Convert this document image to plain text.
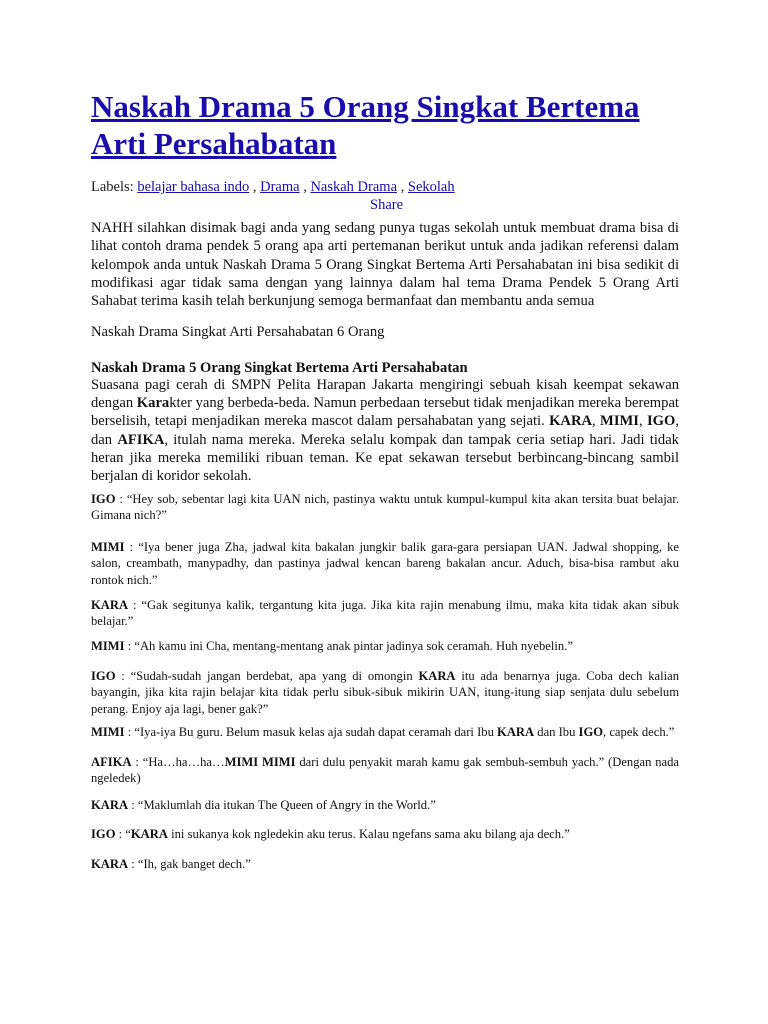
Naskah Drama 5 Orang Singkat Bertema Arti Persahabatan
Labels: belajar bahasa indo , Drama , Naskah Drama , Sekolah
Share

NAHH silahkan disimak bagi anda yang sedang punya tugas sekolah untuk membuat drama bisa di lihat contoh drama pendek 5 orang apa arti pertemanan berikut untuk anda jadikan referensi dalam kelompok anda untuk Naskah Drama 5 Orang Singkat Bertema Arti Persahabatan ini bisa sedikit di modifikasi agar tidak sama dengan yang lainnya dalam hal tema Drama Pendek 5 Orang Arti Sahabat terima kasih telah berkunjung semoga bermanfaat dan membantu anda semua

Naskah Drama Singkat Arti Persahabatan 6 Orang
Naskah Drama 5 Orang Singkat Bertema Arti Persahabatan

Suasana pagi cerah di SMPN Pelita Harapan Jakarta mengiringi sebuah kisah keempat sekawan dengan Karakter yang berbeda-beda. Namun perbedaan tersebut tidak menjadikan mereka berempat berselisih, tetapi menjadikan mereka mascot dalam persahabatan yang sejati. KARA, MIMI, IGO, dan AFIKA, itulah nama mereka. Mereka selalu kompak dan tampak ceria setiap hari. Jadi tidak heran jika mereka memiliki ribuan teman. Ke epat sekawan tersebut berbincang-bincang sambil berjalan di koridor sekolah.

IGO : “Hey sob, sebentar lagi kita UAN nich, pastinya waktu untuk kumpul-kumpul kita akan tersita buat belajar. Gimana nich?”

MIMI : “Iya bener juga Zha, jadwal kita bakalan jungkir balik gara-gara persiapan UAN. Jadwal shopping, ke salon, creambath, manypadhy, dan pastinya jadwal kencan bareng bakalan ancur. Aduch, bisa-bisa rambut aku rontok nich.”

KARA : “Gak segitunya kalik, tergantung kita juga. Jika kita rajin menabung ilmu, maka kita tidak akan sibuk belajar.”

MIMI : “Ah kamu ini Cha, mentang-mentang anak pintar jadinya sok ceramah. Huh nyebelin.”

IGO : “Sudah-sudah jangan berdebat, apa yang di omongin KARA itu ada benarnya juga. Coba dech kalian bayangin, jika kita rajin belajar kita tidak perlu sibuk-sibuk mikirin UAN, itung-itung siap senjata dulu sebelum perang. Enjoy aja lagi, bener gak?”

MIMI : “Iya-iya Bu guru. Belum masuk kelas aja sudah dapat ceramah dari Ibu KARA dan Ibu IGO, capek dech.”

AFIKA : “Ha…ha…ha…MIMI MIMI dari dulu penyakit marah kamu gak sembuh-sembuh yach.” (Dengan nada ngeledek)

KARA : “Maklumlah dia itukan The Queen of Angry in the World.”

IGO : “KARA ini sukanya kok ngledekin aku terus. Kalau ngefans sama aku bilang aja dech.”

KARA : “Ih, gak banget dech.”
